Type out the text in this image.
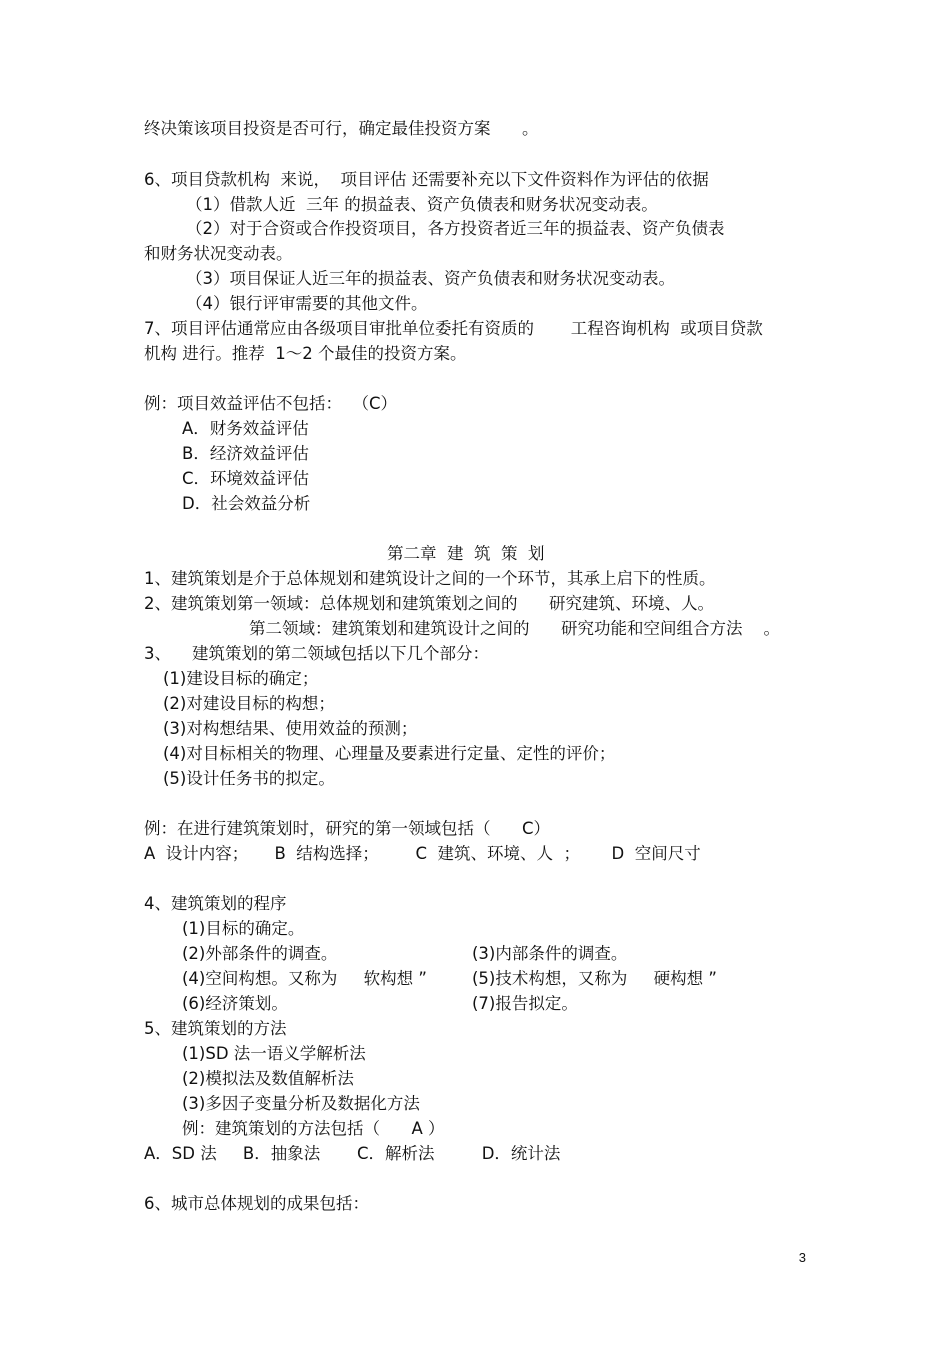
终决策该项目投资是否可行，确定最佳投资方案      。
6、项目贷款机构  来说，  项目评估 还需要补充以下文件资料作为评估的依据
（1）借款人近  三年 的损益表、资产负债表和财务状况变动表。
（2）对于合资或合作投资项目，各方投资者近三年的损益表、资产负债表
和财务状况变动表。
（3）项目保证人近三年的损益表、资产负债表和财务状况变动表。
（4）银行评审需要的其他文件。
7、项目评估通常应由各级项目审批单位委托有资质的       工程咨询机构  或项目贷款
机构 进行。推荐  1～2 个最佳的投资方案。
例：项目效益评估不包括：  （C）
A．财务效益评估
B．经济效益评估
C．环境效益评估
D．社会效益分析
第二章  建  筑  策  划
1、建筑策划是介于总体规划和建筑设计之间的一个环节，其承上启下的性质。
2、建筑策划第一领域：总体规划和建筑策划之间的      研究建筑、环境、人。
第二领域：建筑策划和建筑设计之间的      研究功能和空间组合方法    。
3、    建筑策划的第二领域包括以下几个部分：
(1)建设目标的确定；
(2)对建设目标的构想；
(3)对构想结果、使用效益的预测；
(4)对目标相关的物理、心理量及要素进行定量、定性的评价；
(5)设计任务书的拟定。
例：在进行建筑策划时，研究的第一领域包括（      C）
A  设计内容；     B  结构选择；       C  建筑、环境、人  ；      D  空间尺寸
4、建筑策划的程序
(1)目标的确定。
(2)外部条件的调查。	(3)内部条件的调查。
(4)空间构想。又称为     软构想 ”	(5)技术构想，又称为     硬构想 ”
(6)经济策划。	(7)报告拟定。
5、建筑策划的方法
(1)SD 法一语义学解析法
(2)模拟法及数值解析法
(3)多因子变量分析及数据化方法
例：建筑策划的方法包括（      A ）
A．SD 法     B．抽象法       C．解析法         D．统计法
6、城市总体规划的成果包括：
3
